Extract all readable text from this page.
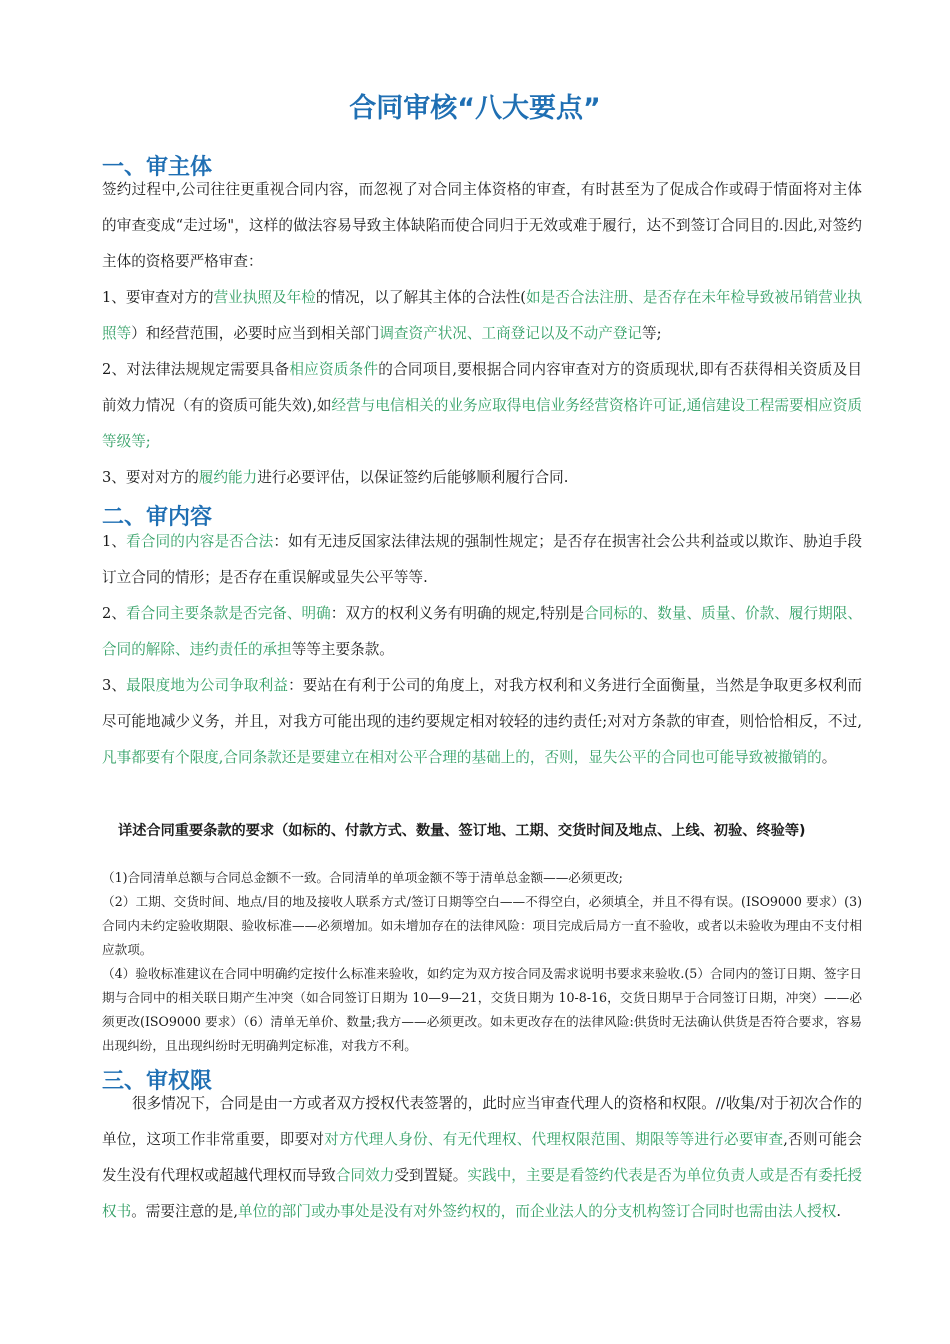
合同审核“八大要点”
一、审主体

签约过程中,公司往往更重视合同内容，而忽视了对合同主体资格的审查，有时甚至为了促成合作或碍于情面将对主体的审查变成“走过场"，这样的做法容易导致主体缺陷而使合同归于无效或难于履行，达不到签订合同目的.因此,对签约主体的资格要严格审查：

1、要审查对方的营业执照及年检的情况，以了解其主体的合法性(如是否合法注册、是否存在未年检导致被吊销营业执照等）和经营范围，必要时应当到相关部门调查资产状况、工商登记以及不动产登记等;

2、对法律法规规定需要具备相应资质条件的合同项目,要根据合同内容审查对方的资质现状,即有否获得相关资质及目前效力情况（有的资质可能失效),如经营与电信相关的业务应取得电信业务经营资格许可证,通信建设工程需要相应资质等级等;

3、要对对方的履约能力进行必要评估，以保证签约后能够顺利履行合同.

二、审内容

1、看合同的内容是否合法：如有无违反国家法律法规的强制性规定；是否存在损害社会公共利益或以欺诈、胁迫手段订立合同的情形；是否存在重误解或显失公平等等.

2、看合同主要条款是否完备、明确：双方的权利义务有明确的规定,特别是合同标的、数量、质量、价款、履行期限、合同的解除、违约责任的承担等等主要条款。

3、最限度地为公司争取利益：要站在有利于公司的角度上，对我方权利和义务进行全面衡量，当然是争取更多权利而尽可能地减少义务，并且，对我方可能出现的违约要规定相对较轻的违约责任;对对方条款的审查，则恰恰相反，不过,凡事都要有个限度,合同条款还是要建立在相对公平合理的基础上的，否则，显失公平的合同也可能导致被撤销的。

详述合同重要条款的要求（如标的、付款方式、数量、签订地、工期、交货时间及地点、上线、初验、终验等)

（1)合同清单总额与合同总金额不一致。合同清单的单项金额不等于清单总金额——必须更改;

（2）工期、交货时间、地点/目的地及接收人联系方式/签订日期等空白——不得空白，必须填全，并且不得有误。(ISO9000 要求）(3)合同内未约定验收期限、验收标准——必须增加。如未增加存在的法律风险：项目完成后局方一直不验收，或者以未验收为理由不支付相应款项。

（4）验收标准建议在合同中明确约定按什么标准来验收，如约定为双方按合同及需求说明书要求来验收.(5）合同内的签订日期、签字日期与合同中的相关联日期产生冲突（如合同签订日期为 10—9—21，交货日期为 10-8-16，交货日期早于合同签订日期，冲突）——必须更改(ISO9000 要求）（6）清单无单价、数量;我方——必须更改。如未更改存在的法律风险:供货时无法确认供货是否符合要求，容易出现纠纷，且出现纠纷时无明确判定标准，对我方不利。

三、审权限

很多情况下，合同是由一方或者双方授权代表签署的，此时应当审查代理人的资格和权限。//收集/对于初次合作的单位，这项工作非常重要，即要对对方代理人身份、有无代理权、代理权限范围、期限等等进行必要审查,否则可能会发生没有代理权或超越代理权而导致合同效力受到置疑。实践中，主要是看签约代表是否为单位负责人或是否有委托授权书。需要注意的是,单位的部门或办事处是没有对外签约权的，而企业法人的分支机构签订合同时也需由法人授权.
